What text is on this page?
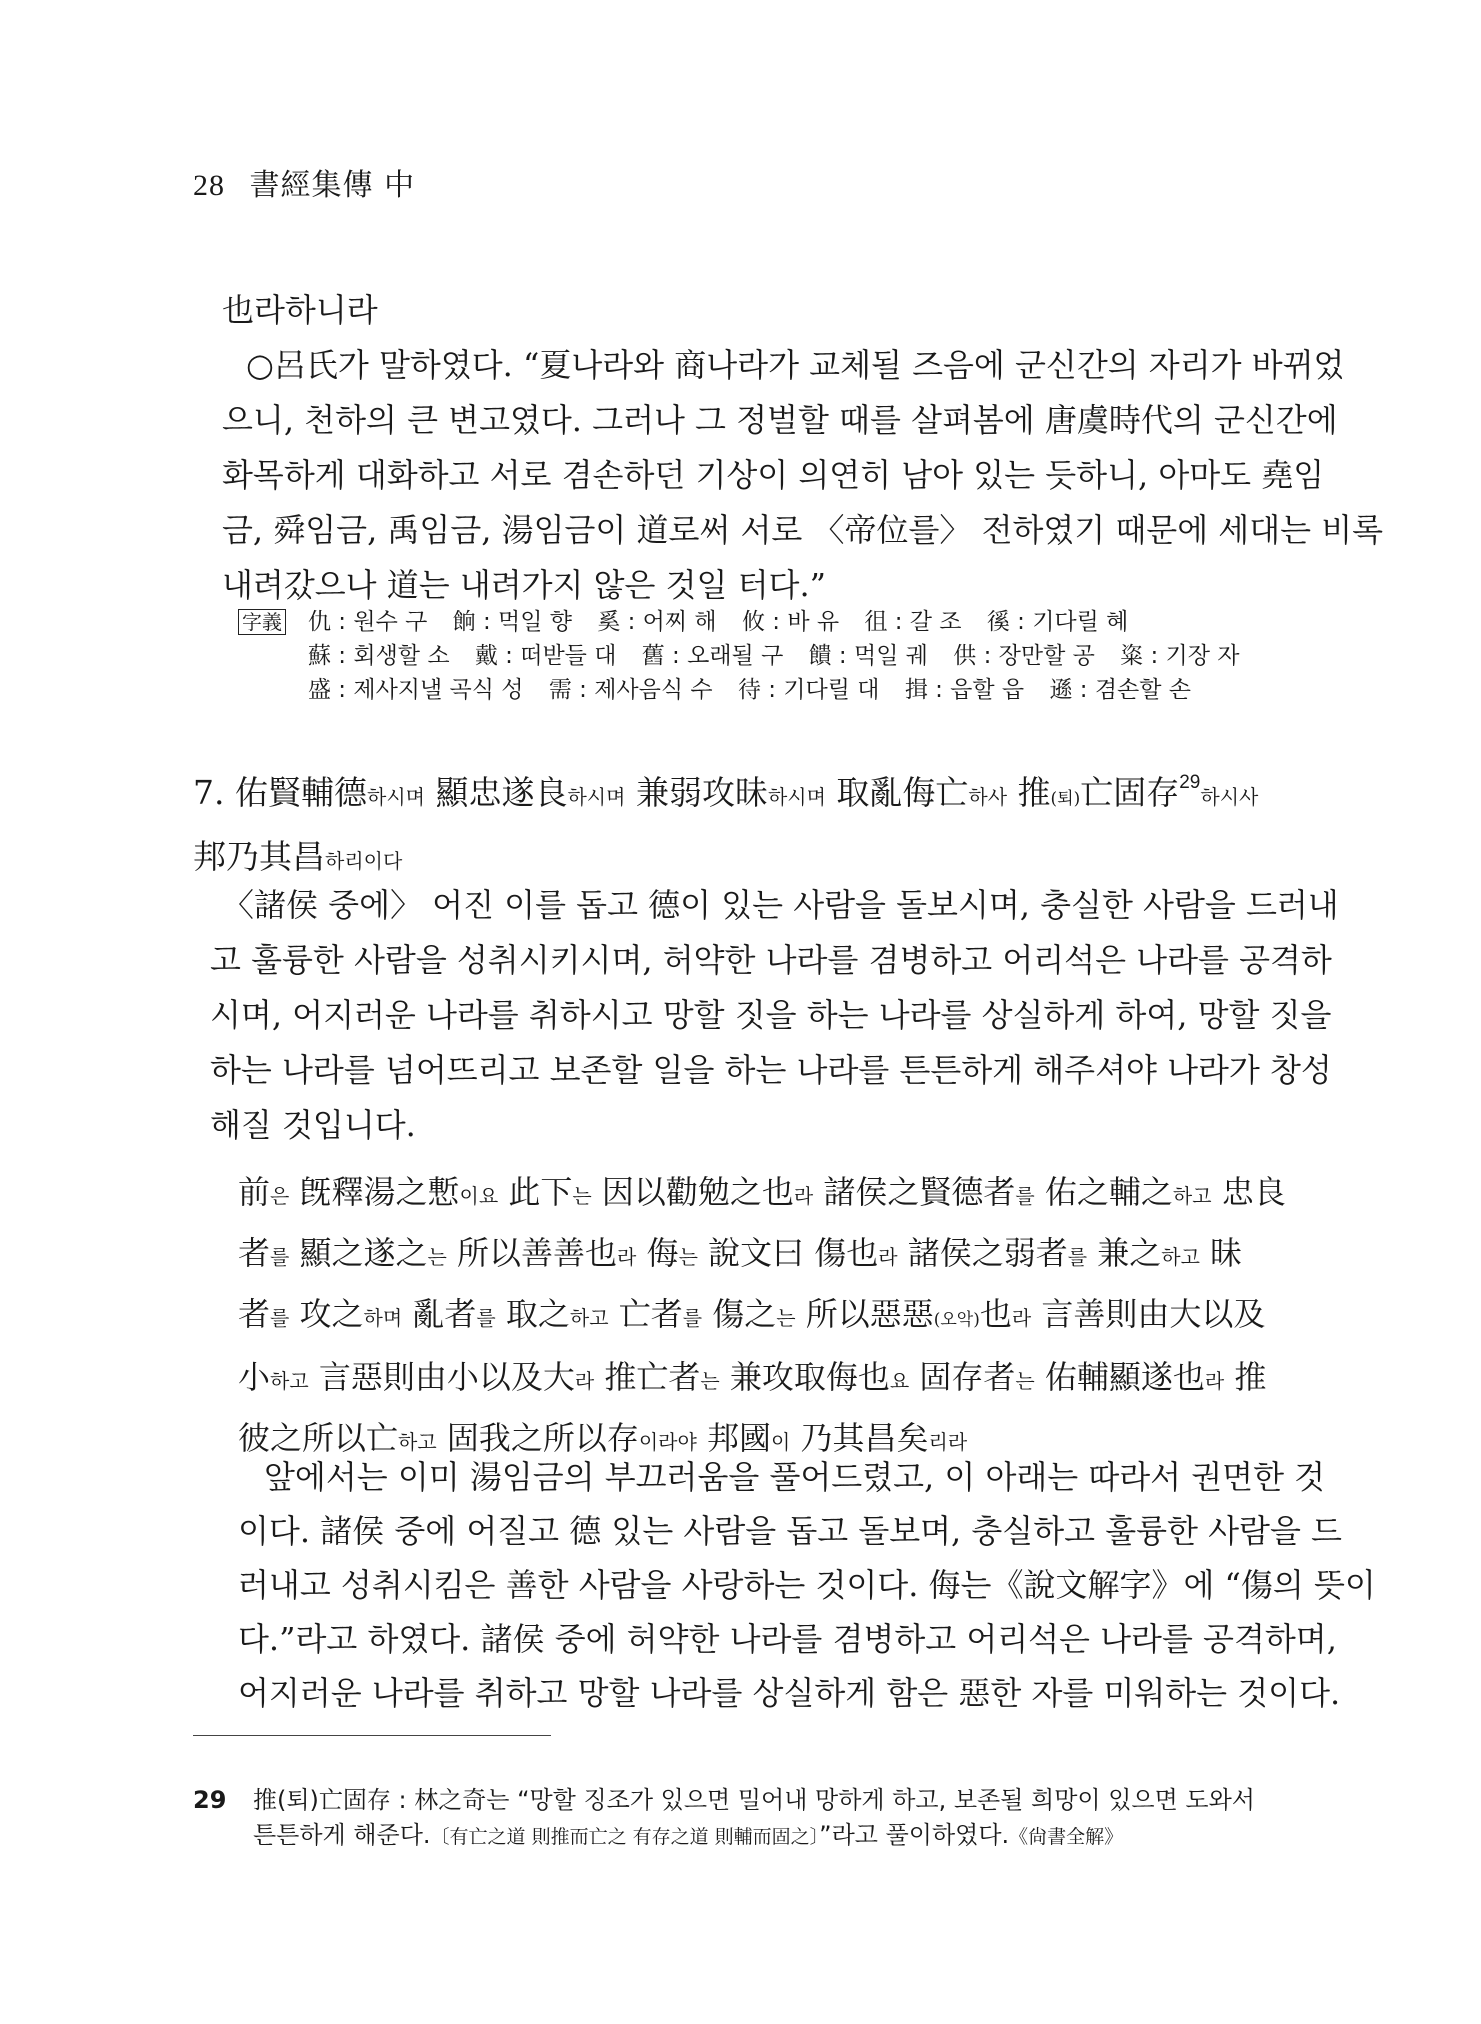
28 書經集傳 中
也라하니라
　○呂氏가 말하였다. “夏나라와 商나라가 교체될 즈음에 군신간의 자리가 바뀌었
으니, 천하의 큰 변고였다. 그러나 그 정벌할 때를 살펴봄에 唐虞時代의 군신간에
화목하게 대화하고 서로 겸손하던 기상이 의연히 남아 있는 듯하니, 아마도 堯임
금, 舜임금, 禹임금, 湯임금이 道로써 서로 〈帝位를〉 전하였기 때문에 세대는 비록
내려갔으나 道는 내려가지 않은 것일 터다.”
字義 仇 : 원수 구 餉 : 먹일 향 奚 : 어찌 해 攸 : 바 유 徂 : 갈 조 徯 : 기다릴 혜
蘇 : 회생할 소 戴 : 떠받들 대 舊 : 오래될 구 饋 : 먹일 궤 供 : 장만할 공 粢 : 기장 자
盛 : 제사지낼 곡식 성 需 : 제사음식 수 待 : 기다릴 대 揖 : 읍할 읍 遜 : 겸손할 손
7. 佑賢輔德하시며 顯忠遂良하시며 兼弱攻昧하시며 取亂侮亡하사 推(퇴)亡固存$^{29}$하시사
邦乃其昌하리이다
〈諸侯 중에〉 어진 이를 돕고 德이 있는 사람을 돌보시며, 충실한 사람을 드러내
고 훌륭한 사람을 성취시키시며, 허약한 나라를 겸병하고 어리석은 나라를 공격하
시며, 어지러운 나라를 취하시고 망할 짓을 하는 나라를 상실하게 하여, 망할 짓을
하는 나라를 넘어뜨리고 보존할 일을 하는 나라를 튼튼하게 해주셔야 나라가 창성
해질 것입니다.
前은 旣釋湯之慙이요 此下는 因以勸勉之也라 諸侯之賢德者를 佑之輔之하고 忠良
者를 顯之遂之는 所以善善也라 侮는 說文曰 傷也라 諸侯之弱者를 兼之하고 昧
者를 攻之하며 亂者를 取之하고 亡者를 傷之는 所以惡惡(오악)也라 言善則由大以及
小하고 言惡則由小以及大라 推亡者는 兼攻取侮也요 固存者는 佑輔顯遂也라 推
彼之所以亡하고 固我之所以存이라야 邦國이 乃其昌矣리라
　앞에서는 이미 湯임금의 부끄러움을 풀어드렸고, 이 아래는 따라서 권면한 것
이다. 諸侯 중에 어질고 德 있는 사람을 돕고 돌보며, 충실하고 훌륭한 사람을 드
러내고 성취시킴은 善한 사람을 사랑하는 것이다. 侮는《說文解字》에 “傷의 뜻이
다.”라고 하였다. 諸侯 중에 허약한 나라를 겸병하고 어리석은 나라를 공격하며,
어지러운 나라를 취하고 망할 나라를 상실하게 함은 惡한 자를 미워하는 것이다.
29 推(퇴)亡固存 : 林之奇는 “망할 징조가 있으면 밀어내 망하게 하고, 보존될 희망이 있으면 도와서
튼튼하게 해준다.〔有亡之道 則推而亡之 有存之道 則輔而固之〕”라고 풀이하였다.《尙書全解》
